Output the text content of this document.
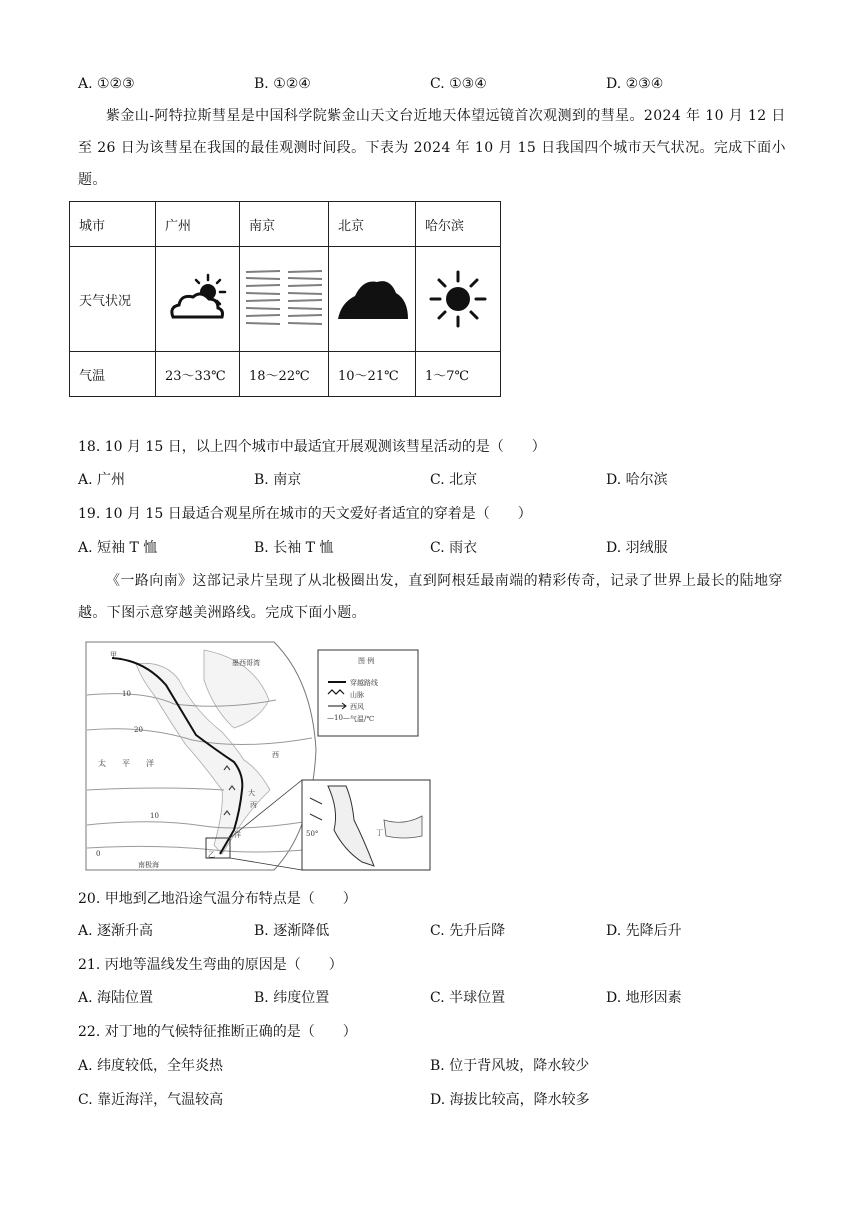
A. ①②③	B. ①②④	C. ①③④	D. ②③④
紫金山-阿特拉斯彗星是中国科学院紫金山天文台近地天体望远镜首次观测到的彗星。2024 年 10 月 12 日至 26 日为该彗星在我国的最佳观测时间段。下表为 2024 年 10 月 15 日我国四个城市天气状况。完成下面小题。
城市	广州	南京	北京	哈尔滨
天气状况				
气温	23～33℃	18～22℃	10～21℃	1～7℃
18. 10 月 15 日，以上四个城市中最适宜开展观测该彗星活动的是（　　）
A. 广州	B. 南京	C. 北京	D. 哈尔滨
19. 10 月 15 日最适合观星所在城市的天文爱好者适宜的穿着是（　　）
A. 短袖 T 恤	B. 长袖 T 恤	C. 雨衣	D. 羽绒服
《一路向南》这部记录片呈现了从北极圈出发，直到阿根廷最南端的精彩传奇，记录了世界上最长的陆地穿越。下图示意穿越美洲路线。完成下面小题。
甲
10
20
太　　平　　洋
10
0
南极海
墨西哥湾
西
大
洋
丙
乙
50°	丁
图 例
穿越路线
山脉
西风
—10— 气温/℃
20. 甲地到乙地沿途气温分布特点是（　　）
A. 逐渐升高	B. 逐渐降低	C. 先升后降	D. 先降后升
21. 丙地等温线发生弯曲的原因是（　　）
A. 海陆位置	B. 纬度位置	C. 半球位置	D. 地形因素
22. 对丁地的气候特征推断正确的是（　　）
A. 纬度较低，全年炎热	B. 位于背风坡，降水较少
C. 靠近海洋，气温较高	D. 海拔比较高，降水较多
